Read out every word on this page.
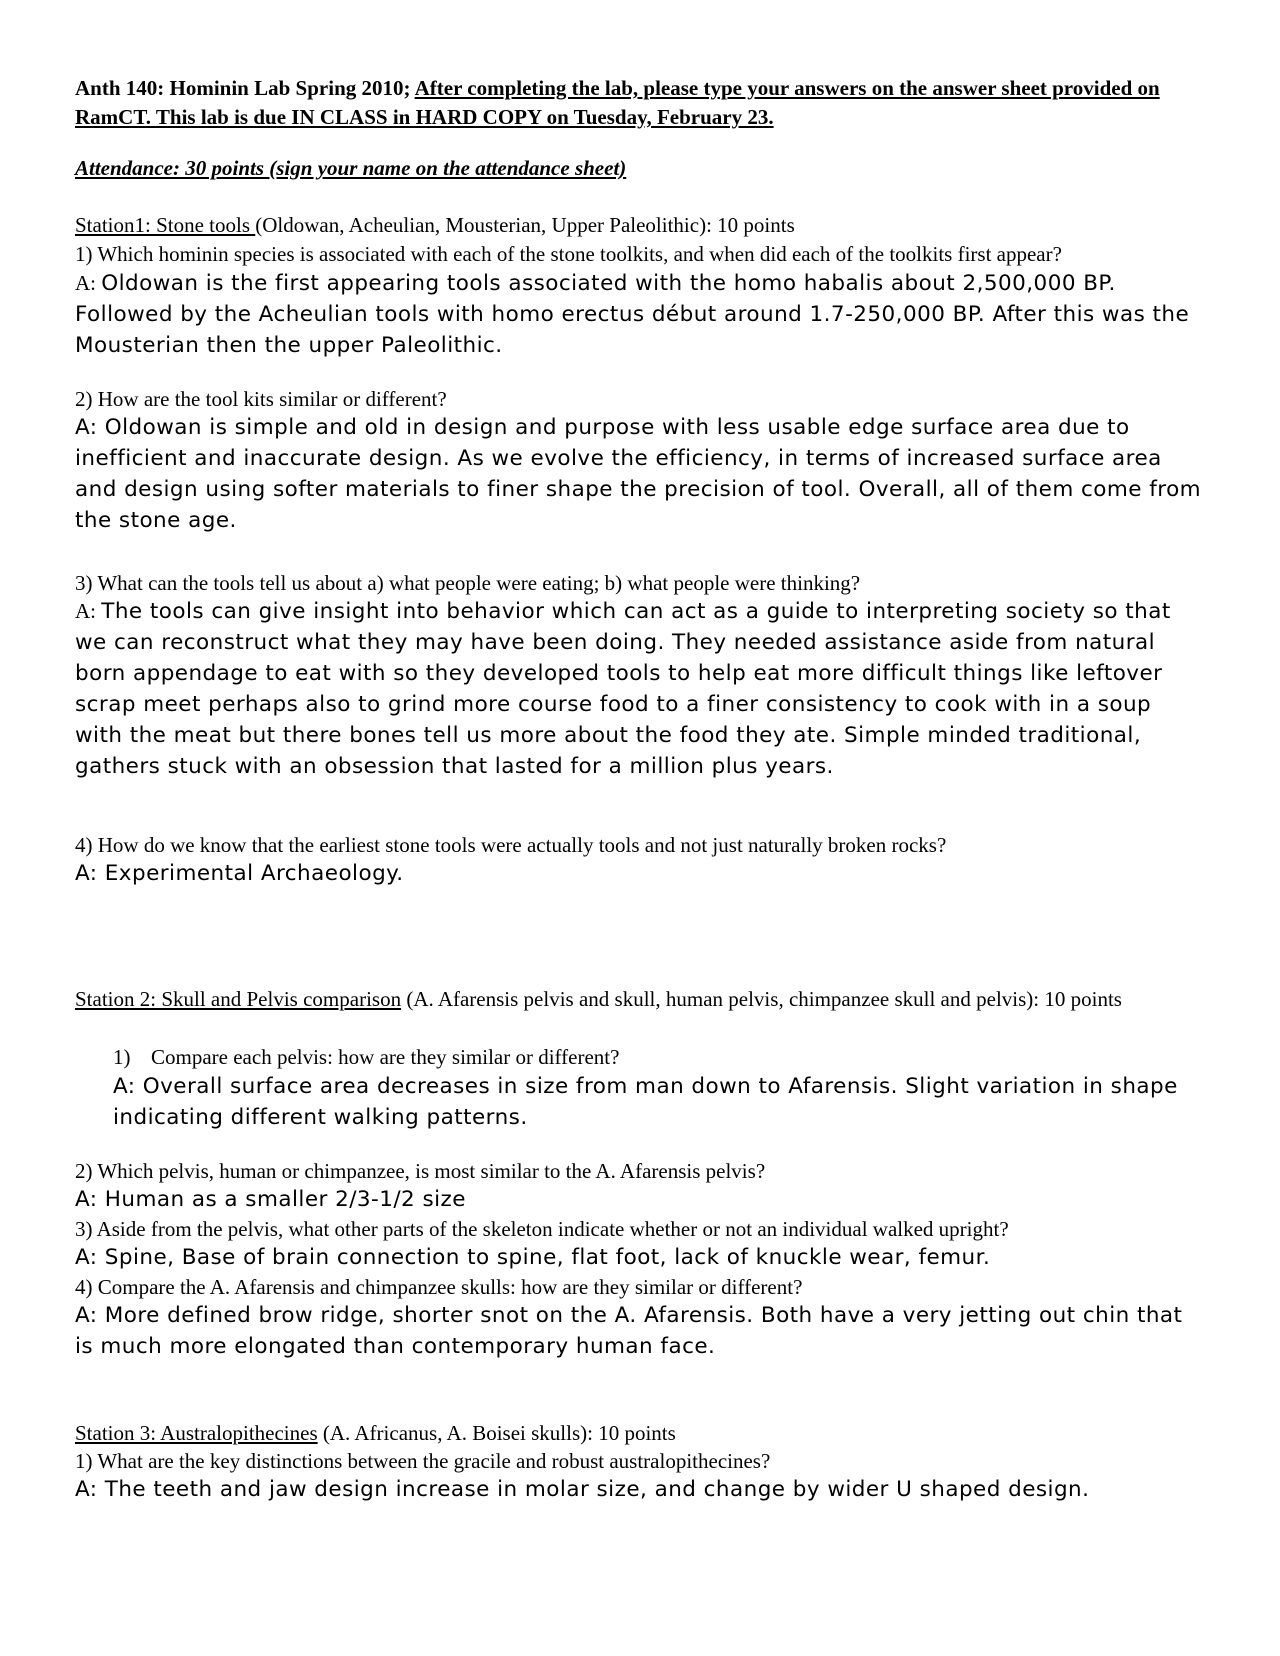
Anth 140: Hominin Lab Spring 2010; After completing the lab, please type your answers on the answer sheet provided on RamCT. This lab is due IN CLASS in HARD COPY on Tuesday, February 23.
Attendance: 30 points (sign your name on the attendance sheet)
Station1: Stone tools (Oldowan, Acheulian, Mousterian, Upper Paleolithic): 10 points
1) Which hominin species is associated with each of the stone toolkits, and when did each of the toolkits first appear?
A: Oldowan is the first appearing tools associated with the homo habalis about 2,500,000 BP. Followed by the Acheulian tools with homo erectus début around 1.7-250,000 BP. After this was the Mousterian then the upper Paleolithic.
2) How are the tool kits similar or different?
A: Oldowan is simple and old in design and purpose with less usable edge surface area due to inefficient and inaccurate design. As we evolve the efficiency, in terms of increased surface area and design using softer materials to finer shape the precision of tool. Overall, all of them come from the stone age.
3) What can the tools tell us about a) what people were eating; b) what people were thinking?
A: The tools can give insight into behavior which can act as a guide to interpreting society so that we can reconstruct what they may have been doing. They needed assistance aside from natural born appendage to eat with so they developed tools to help eat more difficult things like leftover scrap meet perhaps also to grind more course food to a finer consistency to cook with in a soup with the meat but there bones tell us more about the food they ate. Simple minded traditional, gathers stuck with an obsession that lasted for a million plus years.
4) How do we know that the earliest stone tools were actually tools and not just naturally broken rocks?
A: Experimental Archaeology.
Station 2: Skull and Pelvis comparison (A. Afarensis pelvis and skull, human pelvis, chimpanzee skull and pelvis): 10 points
1) Compare each pelvis: how are they similar or different?
A: Overall surface area decreases in size from man down to Afarensis. Slight variation in shape indicating different walking patterns.
2) Which pelvis, human or chimpanzee, is most similar to the A. Afarensis pelvis?
A: Human as a smaller 2/3-1/2 size
3) Aside from the pelvis, what other parts of the skeleton indicate whether or not an individual walked upright?
A: Spine, Base of brain connection to spine, flat foot, lack of knuckle wear, femur.
4) Compare the A. Afarensis and chimpanzee skulls: how are they similar or different?
A: More defined brow ridge, shorter snot on the A. Afarensis. Both have a very jetting out chin that is much more elongated than contemporary human face.
Station 3: Australopithecines (A. Africanus, A. Boisei skulls): 10 points
1) What are the key distinctions between the gracile and robust australopithecines?
A: The teeth and jaw design increase in molar size, and change by wider U shaped design.
